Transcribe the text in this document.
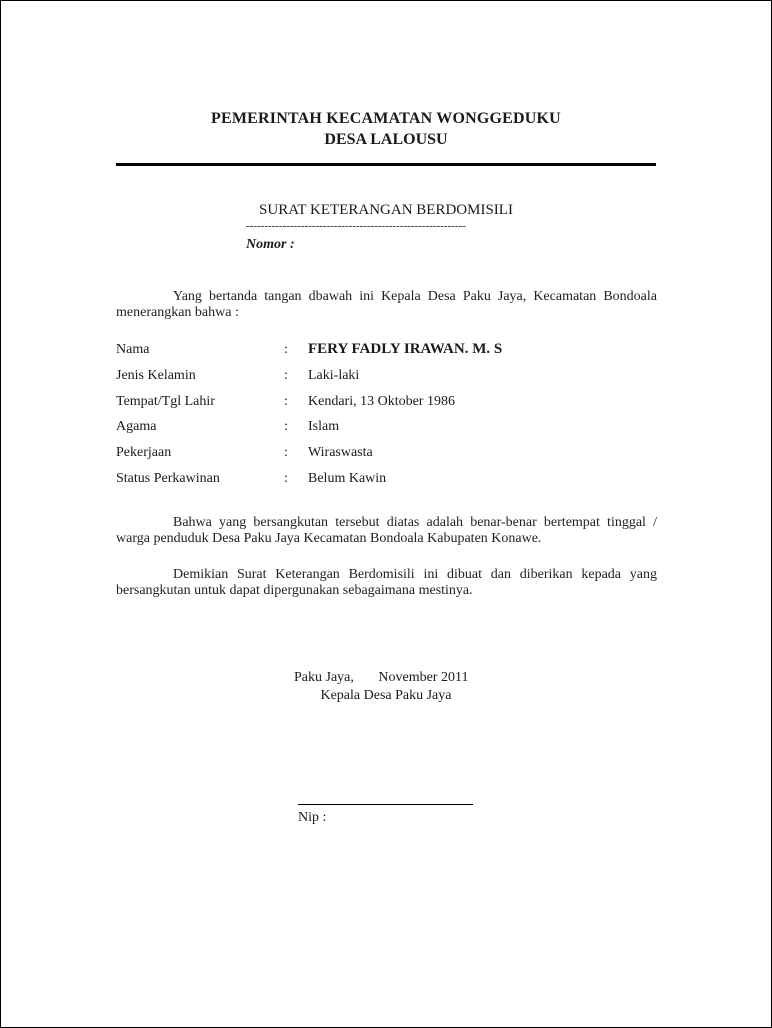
PEMERINTAH KECAMATAN WONGGEDUKU
DESA LALOUSU
SURAT KETERANGAN BERDOMISILI
------------------------------------------------------------
Nomor :
Yang bertanda tangan dbawah ini Kepala Desa Paku Jaya, Kecamatan Bondoala menerangkan bahwa :
Nama	: FERY FADLY IRAWAN. M. S
Jenis Kelamin	: Laki-laki
Tempat/Tgl Lahir	: Kendari, 13 Oktober 1986
Agama	: Islam
Pekerjaan	: Wiraswasta
Status Perkawinan	: Belum Kawin
Bahwa yang bersangkutan tersebut diatas adalah benar-benar bertempat tinggal / warga penduduk Desa Paku Jaya Kecamatan Bondoala Kabupaten Konawe.
Demikian Surat Keterangan Berdomisili ini dibuat dan diberikan kepada yang bersangkutan untuk dapat dipergunakan sebagaimana mestinya.
Paku Jaya,       November 2011
Kepala Desa Paku Jaya
Nip :
